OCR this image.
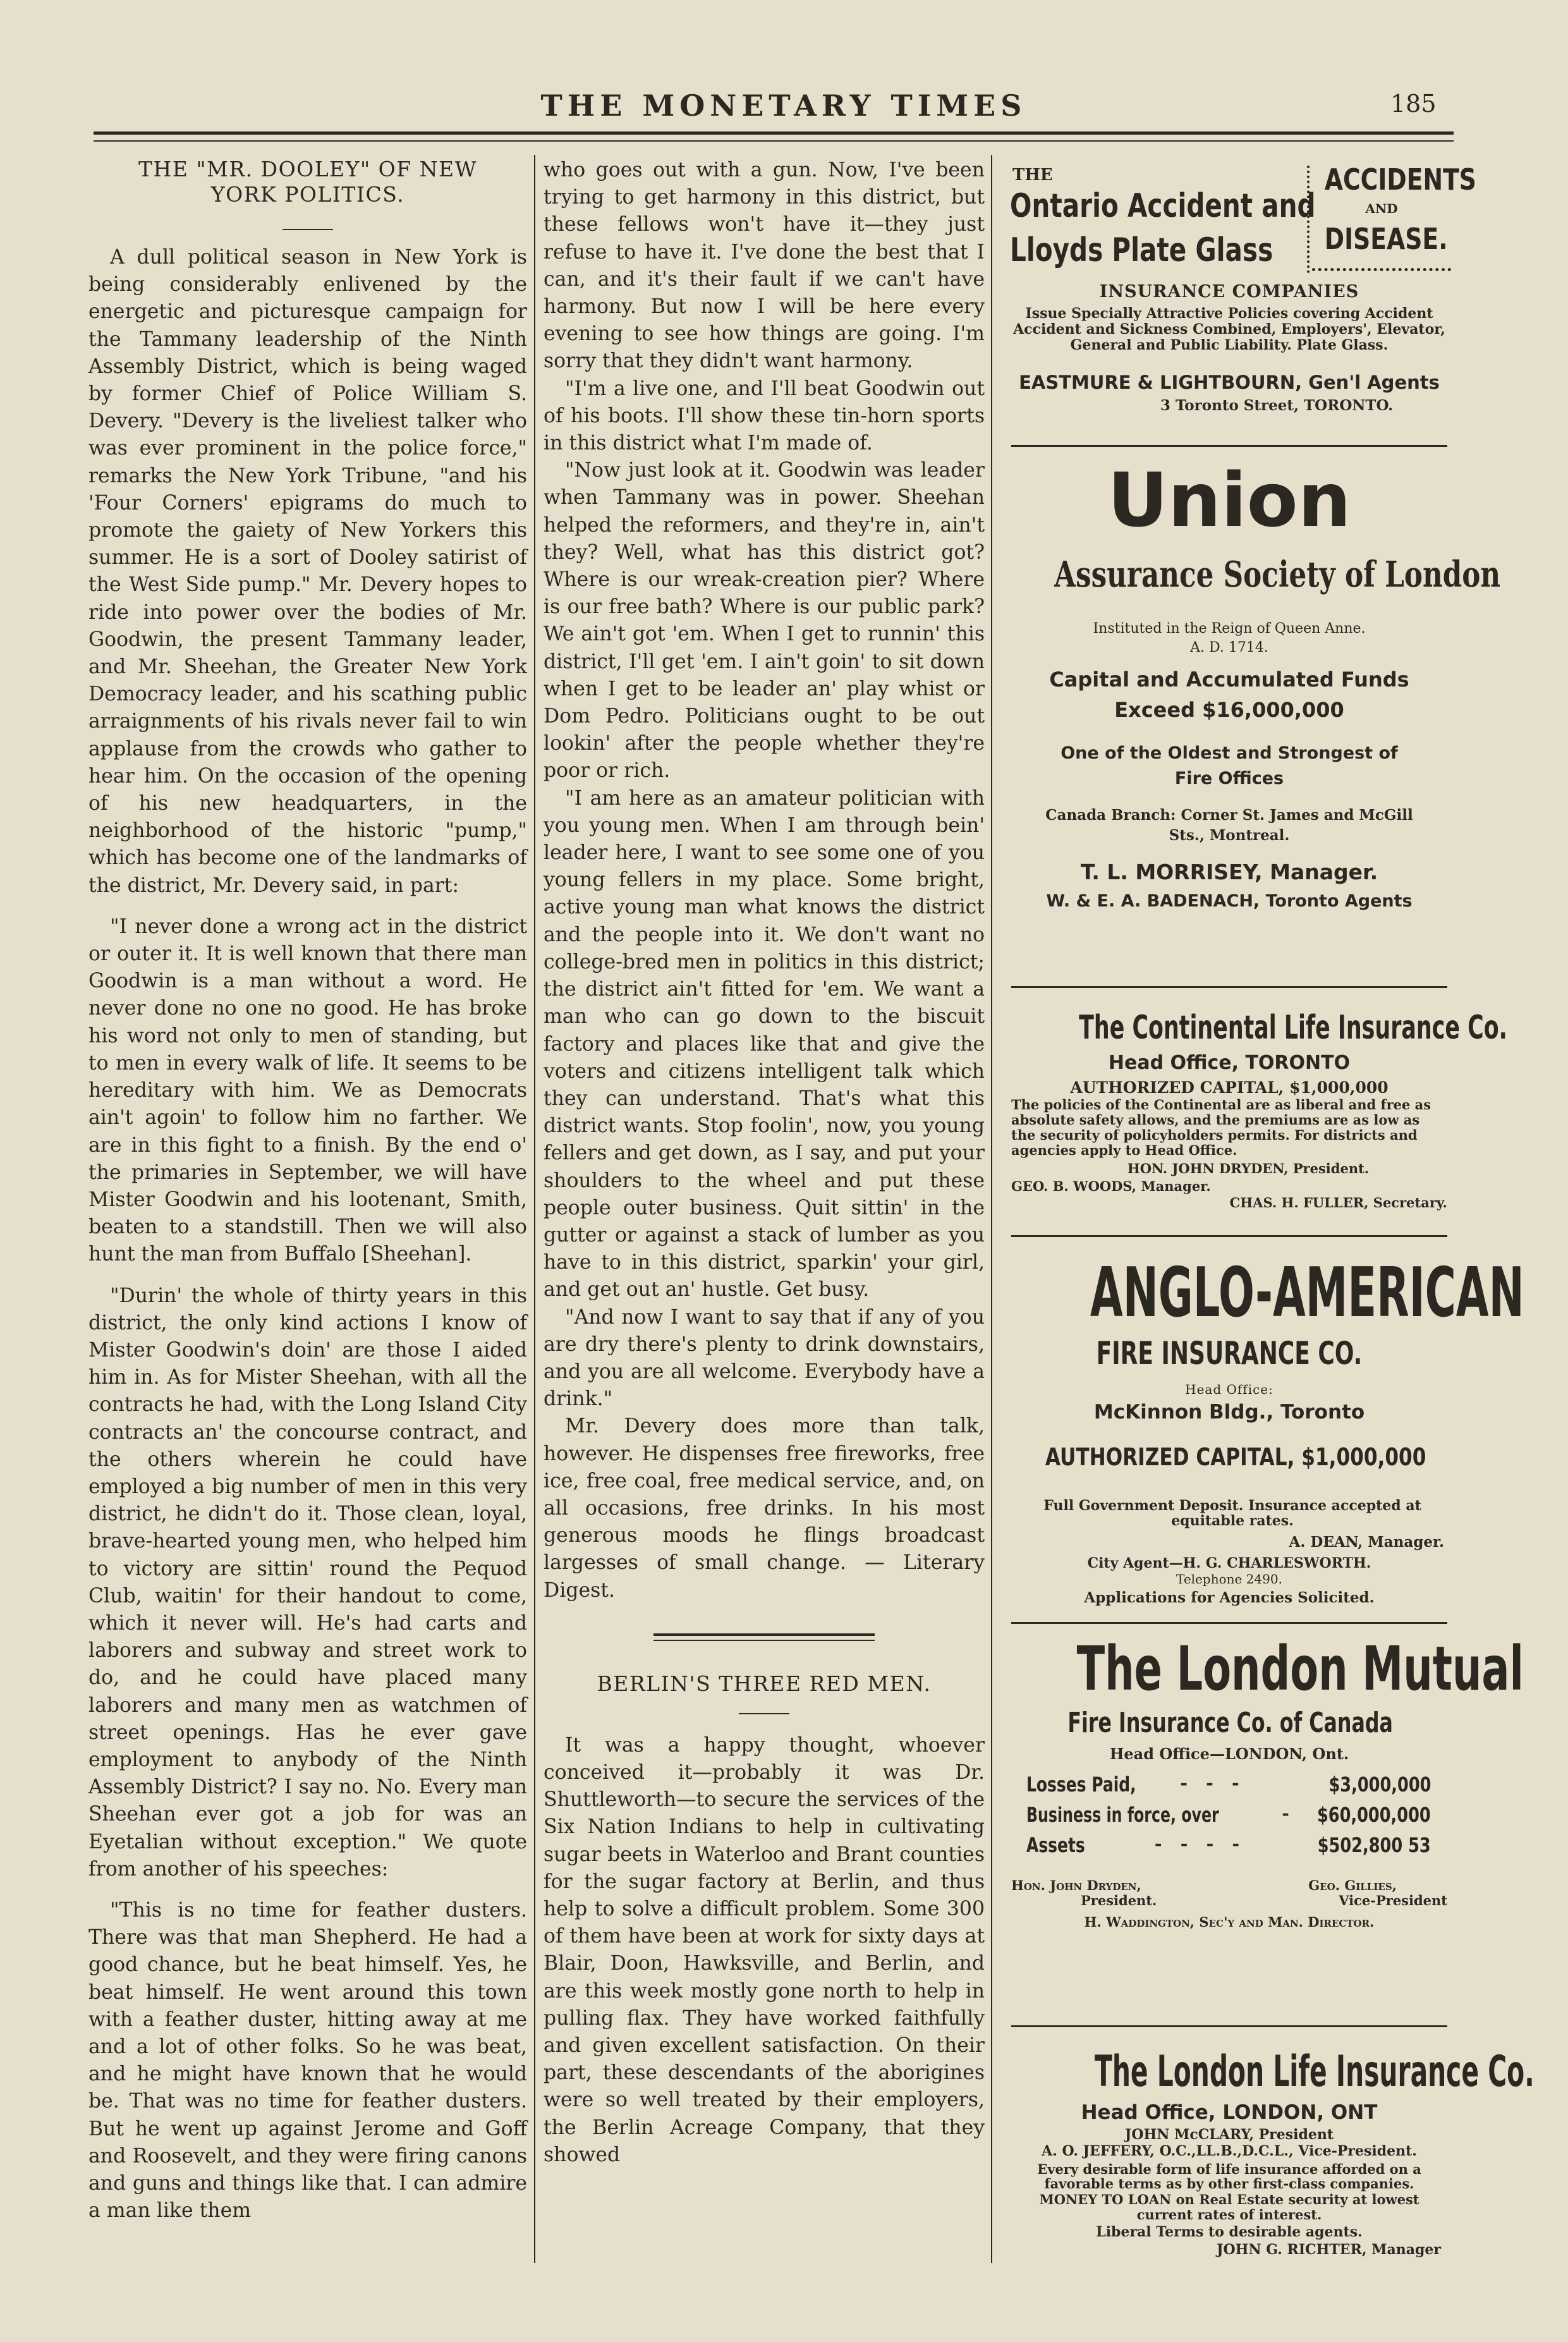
THE MONETARY TIMES	185
THE "MR. DOOLEY" OF NEW YORK POLITICS.

A dull political season in New York is being considerably enlivened by the energetic and picturesque campaign for the Tammany leadership of the Ninth Assembly District, which is being waged by former Chief of Police William S. Devery. "Devery is the liveliest talker who was ever prominent in the police force," remarks the New York Tribune, "and his 'Four Corners' epigrams do much to promote the gaiety of New Yorkers this summer. He is a sort of Dooley satirist of the West Side pump." Mr. Devery hopes to ride into power over the bodies of Mr. Goodwin, the present Tammany leader, and Mr. Sheehan, the Greater New York Democracy leader, and his scathing public arraignments of his rivals never fail to win applause from the crowds who gather to hear him. On the occasion of the opening of his new headquarters, in the neighborhood of the historic "pump," which has become one of the landmarks of the district, Mr. Devery said, in part:

"I never done a wrong act in the district or outer it. It is well known that there man Goodwin is a man without a word. He never done no one no good. He has broke his word not only to men of standing, but to men in every walk of life. It seems to be hereditary with him. We as Democrats ain't agoin' to follow him no farther. We are in this fight to a finish. By the end o' the primaries in September, we will have Mister Goodwin and his lootenant, Smith, beaten to a standstill. Then we will also hunt the man from Buffalo [Sheehan].

"Durin' the whole of thirty years in this district, the only kind actions I know of Mister Goodwin's doin' are those I aided him in. As for Mister Sheehan, with all the contracts he had, with the Long Island City contracts an' the concourse contract, and the others wherein he could have employed a big number of men in this very district, he didn't do it. Those clean, loyal, brave-hearted young men, who helped him to victory are sittin' round the Pequod Club, waitin' for their handout to come, which it never will. He's had carts and laborers and subway and street work to do, and he could have placed many laborers and many men as watchmen of street openings. Has he ever gave employment to anybody of the Ninth Assembly District? I say no. No. Every man Sheehan ever got a job for was an Eyetalian without exception." We quote from another of his speeches:

"This is no time for feather dusters. There was that man Shepherd. He had a good chance, but he beat himself. Yes, he beat himself. He went around this town with a feather duster, hitting away at me and a lot of other folks. So he was beat, and he might have known that he would be. That was no time for feather dusters. But he went up against Jerome and Goff and Roosevelt, and they were firing canons and guns and things like that. I can admire a man like them

who goes out with a gun. Now, I've been trying to get harmony in this district, but these fellows won't have it—they just refuse to have it. I've done the best that I can, and it's their fault if we can't have harmony. But now I will be here every evening to see how things are going. I'm sorry that they didn't want harmony.

"I'm a live one, and I'll beat Goodwin out of his boots. I'll show these tin-horn sports in this district what I'm made of.

"Now just look at it. Goodwin was leader when Tammany was in power. Sheehan helped the reformers, and they're in, ain't they? Well, what has this district got? Where is our wreak-creation pier? Where is our free bath? Where is our public park? We ain't got 'em. When I get to runnin' this district, I'll get 'em. I ain't goin' to sit down when I get to be leader an' play whist or Dom Pedro. Politicians ought to be out lookin' after the people whether they're poor or rich.

"I am here as an amateur politician with you young men. When I am through bein' leader here, I want to see some one of you young fellers in my place. Some bright, active young man what knows the district and the people into it. We don't want no college-bred men in politics in this district; the district ain't fitted for 'em. We want a man who can go down to the biscuit factory and places like that and give the voters and citizens intelligent talk which they can understand. That's what this district wants. Stop foolin', now, you young fellers and get down, as I say, and put your shoulders to the wheel and put these people outer business. Quit sittin' in the gutter or against a stack of lumber as you have to in this district, sparkin' your girl, and get out an' hustle. Get busy.

"And now I want to say that if any of you are dry there's plenty to drink downstairs, and you are all welcome. Everybody have a drink."

Mr. Devery does more than talk, however. He dispenses free fireworks, free ice, free coal, free medical service, and, on all occasions, free drinks. In his most generous moods he flings broadcast largesses of small change. — Literary Digest.

BERLIN'S THREE RED MEN.

It was a happy thought, whoever conceived it—probably it was Dr. Shuttleworth—to secure the services of the Six Nation Indians to help in cultivating sugar beets in Waterloo and Brant counties for the sugar factory at Berlin, and thus help to solve a difficult problem. Some 300 of them have been at work for sixty days at Blair, Doon, Hawksville, and Berlin, and are this week mostly gone north to help in pulling flax. They have worked faithfully and given excellent satisfaction. On their part, these descendants of the aborigines were so well treated by their employers, the Berlin Acreage Company, that they showed

THE
Ontario Accident and
Lloyds Plate Glass
ACCIDENTS
AND
DISEASE.
INSURANCE COMPANIES
Issue Specially Attractive Policies covering Accident Accident and Sickness Combined, Employers', Elevator, General and Public Liability. Plate Glass.
EASTMURE & LIGHTBOURN, Gen'l Agents
3 Toronto Street, TORONTO.
Union
Assurance Society of London
Instituted in the Reign of Queen Anne.
A. D. 1714.
Capital and Accumulated Funds
Exceed $16,000,000
One of the Oldest and Strongest of
Fire Offices
Canada Branch: Corner St. James and McGill Sts., Montreal.
T. L. MORRISEY, Manager.
W. & E. A. BADENACH, Toronto Agents
The Continental Life Insurance Co.
Head Office, TORONTO
AUTHORIZED CAPITAL, $1,000,000
The policies of the Continental are as liberal and free as absolute safety allows, and the premiums are as low as the security of policyholders permits. For districts and agencies apply to Head Office.
HON. JOHN DRYDEN, President.
GEO. B. WOODS, Manager.
CHAS. H. FULLER, Secretary.
ANGLO-AMERICAN
FIRE INSURANCE CO.
Head Office:
McKinnon Bldg., Toronto
AUTHORIZED CAPITAL, $1,000,000
Full Government Deposit. Insurance accepted at equitable rates.
A. DEAN, Manager.
City Agent—H. G. CHARLESWORTH.
Telephone 2490.
Applications for Agencies Solicited.
The London Mutual
Fire Insurance Co. of Canada
Head Office—LONDON, Ont.
Losses Paid,	-   -   -	$3,000,000
Business in force, over	-	$60,000,000
Assets	-   -   -   -	$502,800 53
Hon. John Dryden,
President.
Geo. Gillies,
Vice-President
H. Waddington, Sec'y and Man. Director.
The London Life Insurance Co.
Head Office, LONDON, ONT
JOHN McCLARY, President
A. O. JEFFERY, O.C.,LL.B.,D.C.L., Vice-President.
Every desirable form of life insurance afforded on a favorable terms as by other first-class companies.
MONEY TO LOAN on Real Estate security at lowest current rates of interest.
Liberal Terms to desirable agents.
JOHN G. RICHTER, Manager
